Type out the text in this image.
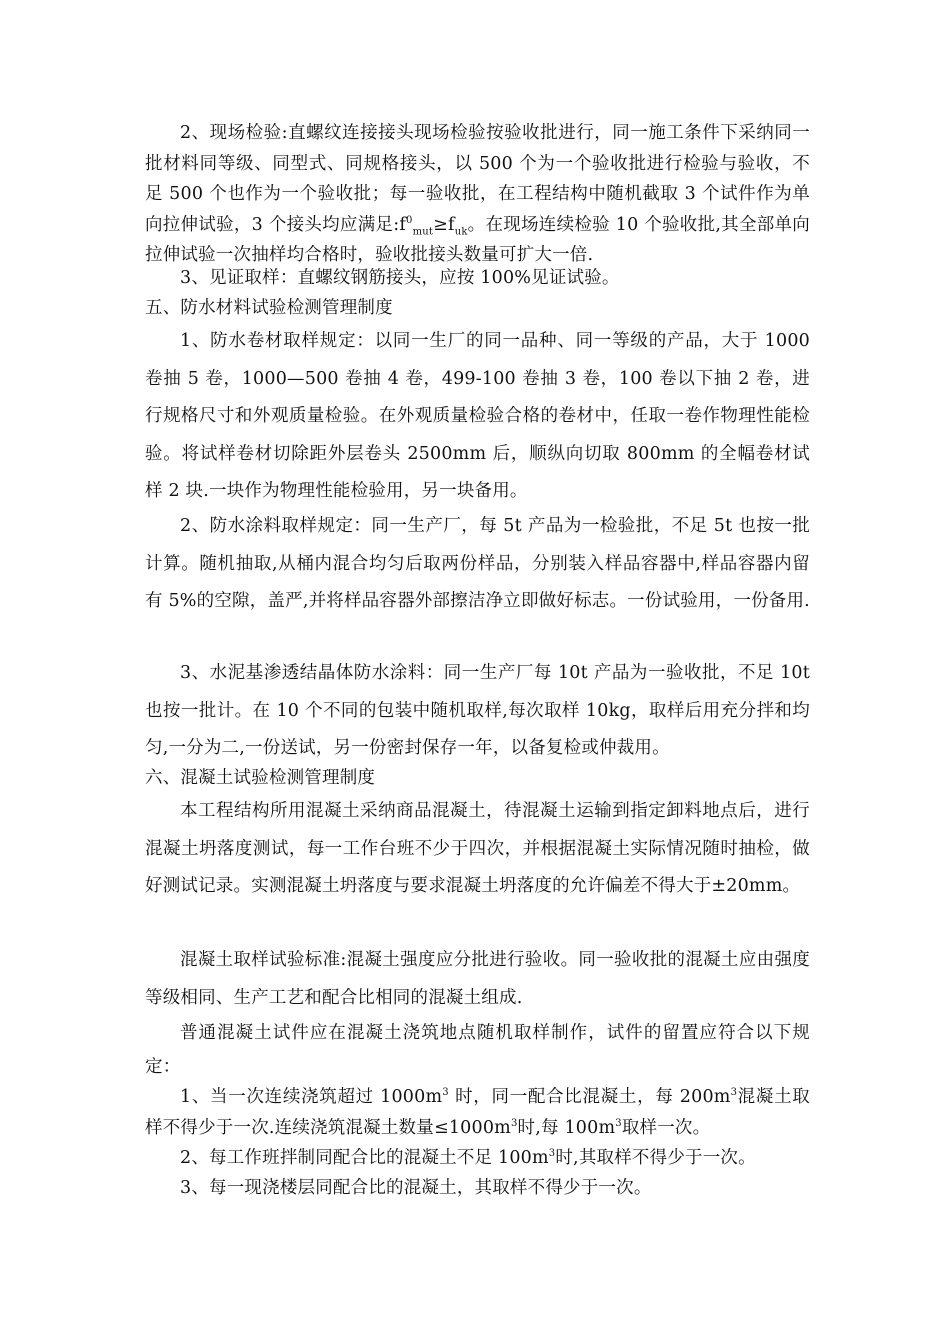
2、现场检验:直螺纹连接接头现场检验按验收批进行，同一施工条件下采纳同一批材料同等级、同型式、同规格接头，以 500 个为一个验收批进行检验与验收，不足 500 个也作为一个验收批；每一验收批，在工程结构中随机截取 3 个试件作为单向拉伸试验，3 个接头均应满足$:f^0_{mut}\ge f_{uk}$。在现场连续检验 10 个验收批,其全部单向拉伸试验一次抽样均合格时，验收批接头数量可扩大一倍.

3、见证取样：直螺纹钢筋接头，应按 100%见证试验。

五、防水材料试验检测管理制度

1、防水卷材取样规定：以同一生厂的同一品种、同一等级的产品，大于 1000 卷抽 5 卷，1000—500 卷抽 4 卷，499-100 卷抽 3 卷，100 卷以下抽 2 卷，进行规格尺寸和外观质量检验。在外观质量检验合格的卷材中，任取一卷作物理性能检验。将试样卷材切除距外层卷头 2500mm 后，顺纵向切取 800mm 的全幅卷材试样 2 块.一块作为物理性能检验用，另一块备用。

2、防水涂料取样规定：同一生产厂，每 5t 产品为一检验批，不足 5t 也按一批计算。随机抽取,从桶内混合均匀后取两份样品，分别装入样品容器中,样品容器内留有 5%的空隙，盖严,并将样品容器外部擦洁净立即做好标志。一份试验用，一份备用.

3、水泥基渗透结晶体防水涂料：同一生产厂每 10t 产品为一验收批，不足 10t 也按一批计。在 10 个不同的包装中随机取样,每次取样 10kg，取样后用充分拌和均匀,一分为二,一份送试，另一份密封保存一年，以备复检或仲裁用。

六、混凝土试验检测管理制度

本工程结构所用混凝土采纳商品混凝土，待混凝土运输到指定卸料地点后，进行混凝土坍落度测试，每一工作台班不少于四次，并根据混凝土实际情况随时抽检，做好测试记录。实测混凝土坍落度与要求混凝土坍落度的允许偏差不得大于±20mm。

混凝土取样试验标准:混凝土强度应分批进行验收。同一验收批的混凝土应由强度等级相同、生产工艺和配合比相同的混凝土组成.

普通混凝土试件应在混凝土浇筑地点随机取样制作，试件的留置应符合以下规定：

1、当一次连续浇筑超过 $1000m^3$ 时，同一配合比混凝土，每 $200m^3$混凝土取样不得少于一次.连续浇筑混凝土数量$\le 1000m^3$时,每 $100m^3$取样一次。

2、每工作班拌制同配合比的混凝土不足 $100m^3$时,其取样不得少于一次。

3、每一现浇楼层同配合比的混凝土，其取样不得少于一次。
